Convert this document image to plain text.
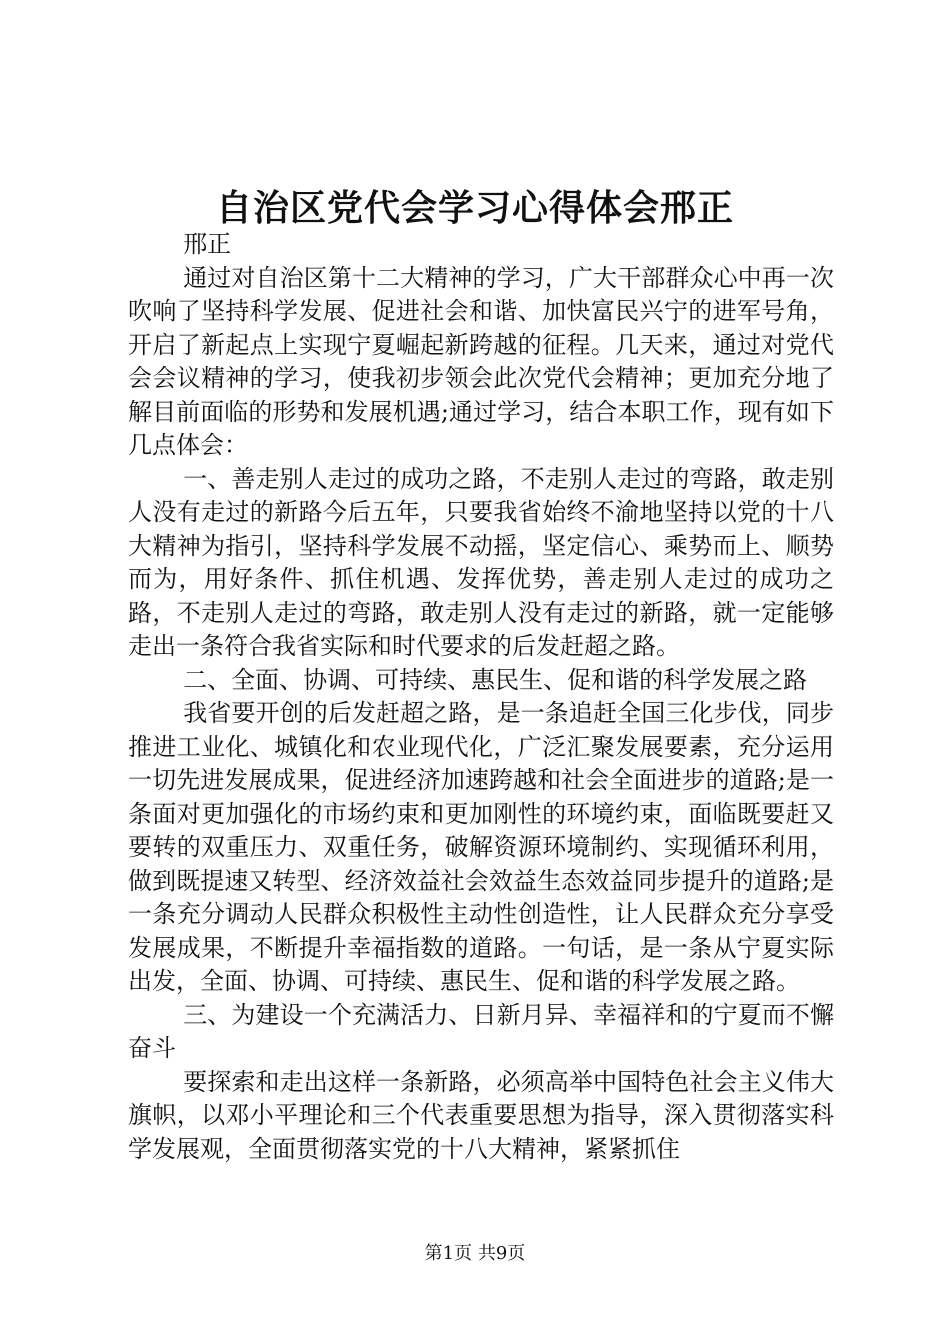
自治区党代会学习心得体会邢正

邢正

通过对自治区第十二大精神的学习，广大干部群众心中再一次吹响了坚持科学发展、促进社会和谐、加快富民兴宁的进军号角，开启了新起点上实现宁夏崛起新跨越的征程。几天来，通过对党代会会议精神的学习，使我初步领会此次党代会精神；更加充分地了解目前面临的形势和发展机遇;通过学习，结合本职工作，现有如下几点体会：

一、善走别人走过的成功之路，不走别人走过的弯路，敢走别人没有走过的新路今后五年，只要我省始终不渝地坚持以党的十八大精神为指引，坚持科学发展不动摇，坚定信心、乘势而上、顺势而为，用好条件、抓住机遇、发挥优势，善走别人走过的成功之路，不走别人走过的弯路，敢走别人没有走过的新路，就一定能够走出一条符合我省实际和时代要求的后发赶超之路。

二、全面、协调、可持续、惠民生、促和谐的科学发展之路

我省要开创的后发赶超之路，是一条追赶全国三化步伐，同步推进工业化、城镇化和农业现代化，广泛汇聚发展要素，充分运用一切先进发展成果，促进经济加速跨越和社会全面进步的道路;是一条面对更加强化的市场约束和更加刚性的环境约束，面临既要赶又要转的双重压力、双重任务，破解资源环境制约、实现循环利用，做到既提速又转型、经济效益社会效益生态效益同步提升的道路;是一条充分调动人民群众积极性主动性创造性，让人民群众充分享受发展成果，不断提升幸福指数的道路。一句话，是一条从宁夏实际出发，全面、协调、可持续、惠民生、促和谐的科学发展之路。

三、为建设一个充满活力、日新月异、幸福祥和的宁夏而不懈奋斗

要探索和走出这样一条新路，必须高举中国特色社会主义伟大旗帜，以邓小平理论和三个代表重要思想为指导，深入贯彻落实科学发展观，全面贯彻落实党的十八大精神，紧紧抓住

第1页 共9页
